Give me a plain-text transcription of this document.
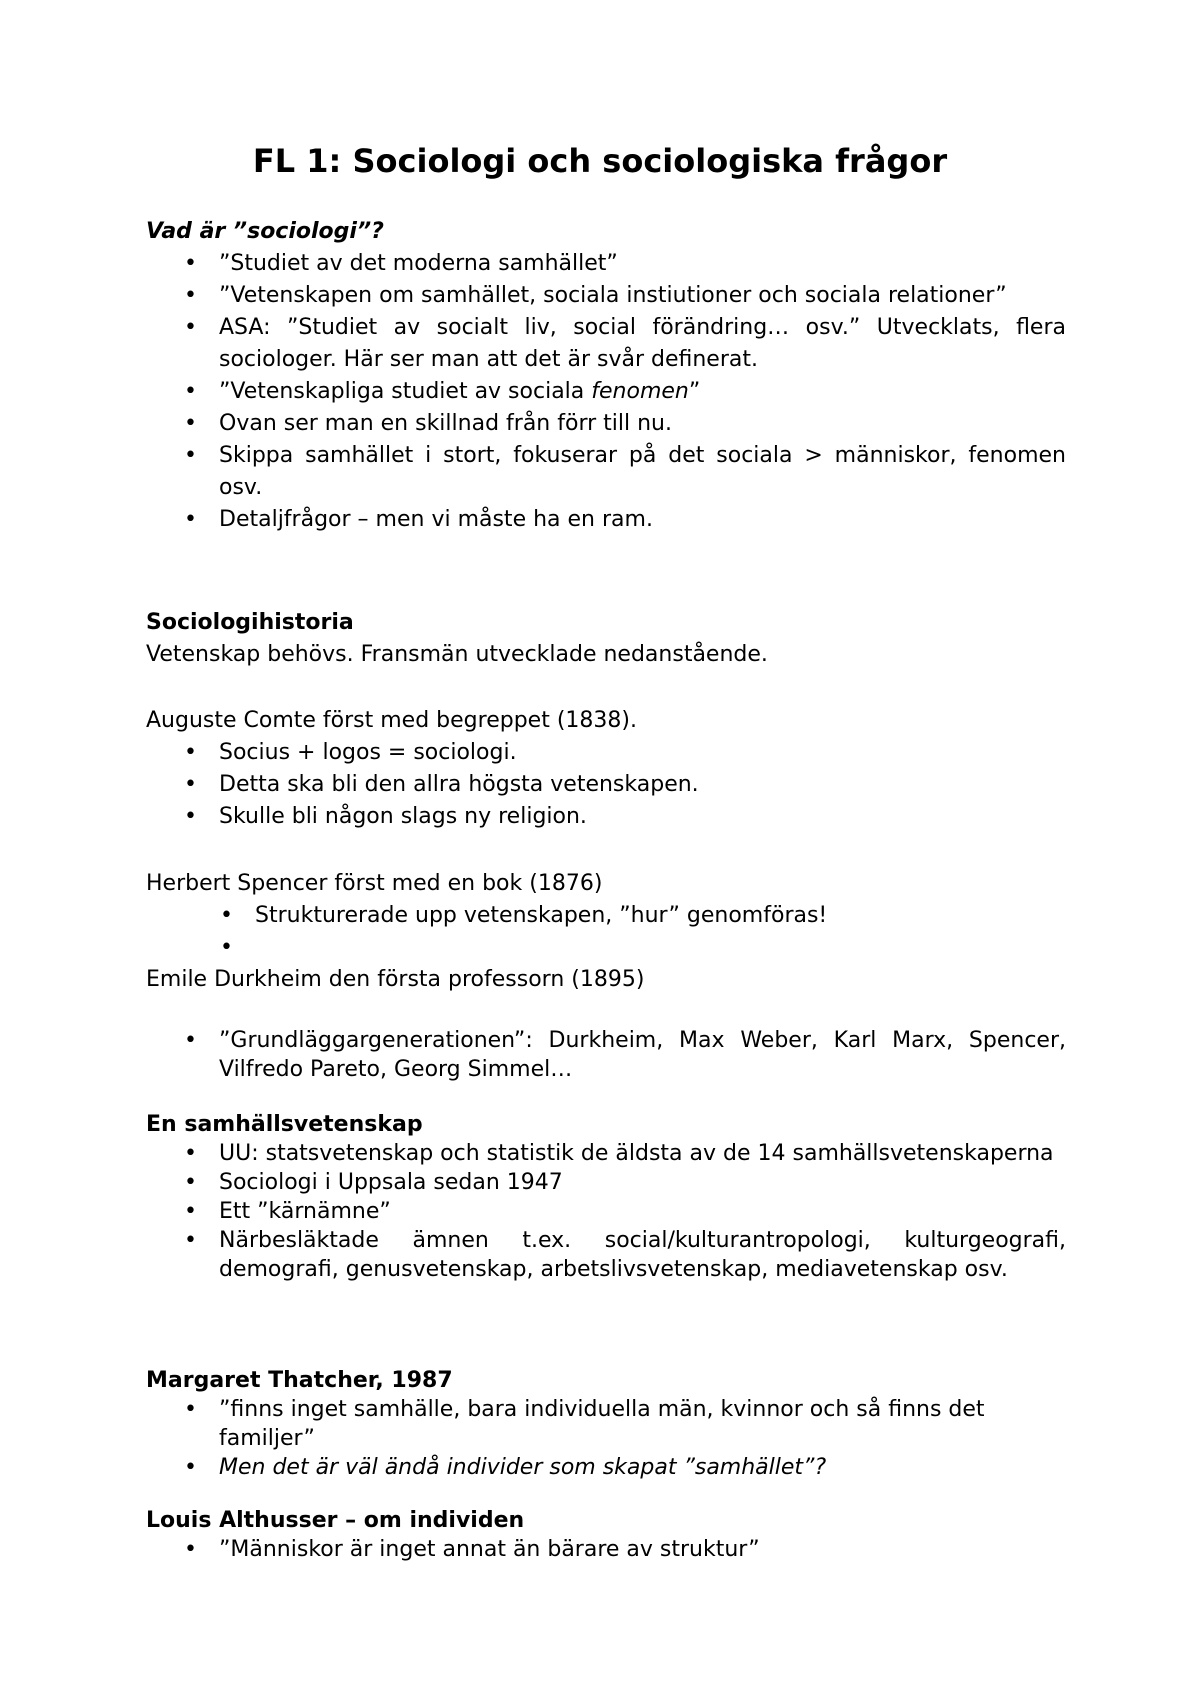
FL 1: Sociologi och sociologiska frågor
Vad är ”sociologi”?
• ”Studiet av det moderna samhället”
• ”Vetenskapen om samhället, sociala instiutioner och sociala relationer”
• ASA: ”Studiet av socialt liv, social förändring… osv.” Utvecklats, flera sociologer. Här ser man att det är svår definerat.
• ”Vetenskapliga studiet av sociala fenomen”
• Ovan ser man en skillnad från förr till nu.
• Skippa samhället i stort, fokuserar på det sociala > människor, fenomen osv.
• Detaljfrågor – men vi måste ha en ram.
Sociologihistoria
Vetenskap behövs. Fransmän utvecklade nedanstående.
Auguste Comte först med begreppet (1838).
• Socius + logos = sociologi.
• Detta ska bli den allra högsta vetenskapen.
• Skulle bli någon slags ny religion.
Herbert Spencer först med en bok (1876)
• Strukturerade upp vetenskapen, ”hur” genomföras!
•

Emile Durkheim den första professorn (1895)
• ”Grundläggargenerationen”: Durkheim, Max Weber, Karl Marx, Spencer, Vilfredo Pareto, Georg Simmel…
En samhällsvetenskap
• UU: statsvetenskap och statistik de äldsta av de 14 samhällsvetenskaperna
• Sociologi i Uppsala sedan 1947
• Ett ”kärnämne”
• Närbesläktade ämnen t.ex. social/kulturantropologi, kulturgeografi, demografi, genusvetenskap, arbetslivsvetenskap, mediavetenskap osv.
Margaret Thatcher, 1987
• ”finns inget samhälle, bara individuella män, kvinnor och så finns det familjer”
• Men det är väl ändå individer som skapat ”samhället”?
Louis Althusser – om individen
• ”Människor är inget annat än bärare av struktur”
